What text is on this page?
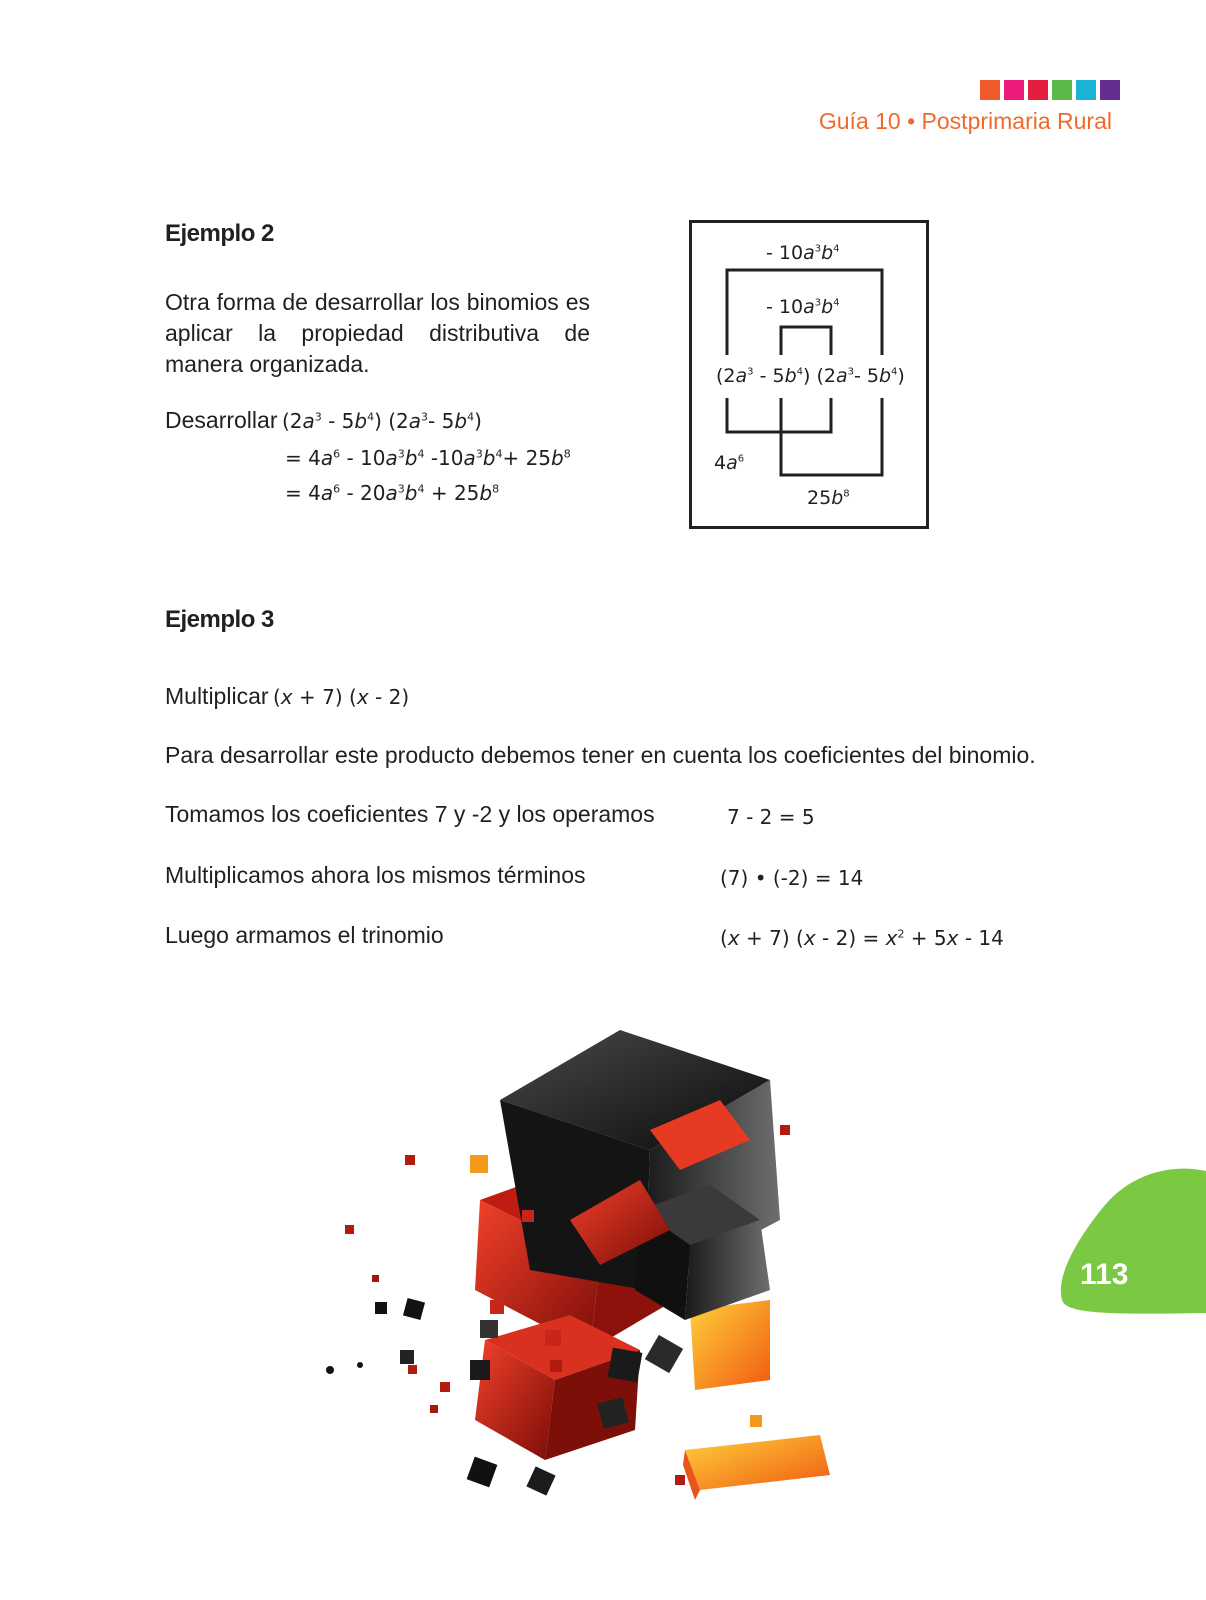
Guía 10 • Postprimaria Rural
Ejemplo 2
Otra forma de desarrollar los binomios es aplicar la propiedad distributiva de manera organizada.
Desarrollar $(2a^3 - 5b^4)$ ($2a^3-$ $5b^4$)
= $4a^6 - 10a^3b^4$ $-10a^3b^4+ 25b^8$
= $4a^6 - 20a^3b^4 + 25b^8$
- $10a^3b^4$
- $10a^3b^4$
$(2a^3 - 5b^4)$ ($2a^3-$ $5b^4$)
$4a^6$
$25b^8$
Ejemplo 3
Multiplicar (x + 7) (x - 2)
Para desarrollar este producto debemos tener en cuenta los coeficientes del binomio.
Tomamos los coeficientes 7 y -2 y los operamos	7 - 2 = 5
Multiplicamos ahora los mismos términos	(7) • (-2) = 14
Luego armamos el trinomio	(x + 7) $(x - 2) = x^2 + 5x - 14$
113
